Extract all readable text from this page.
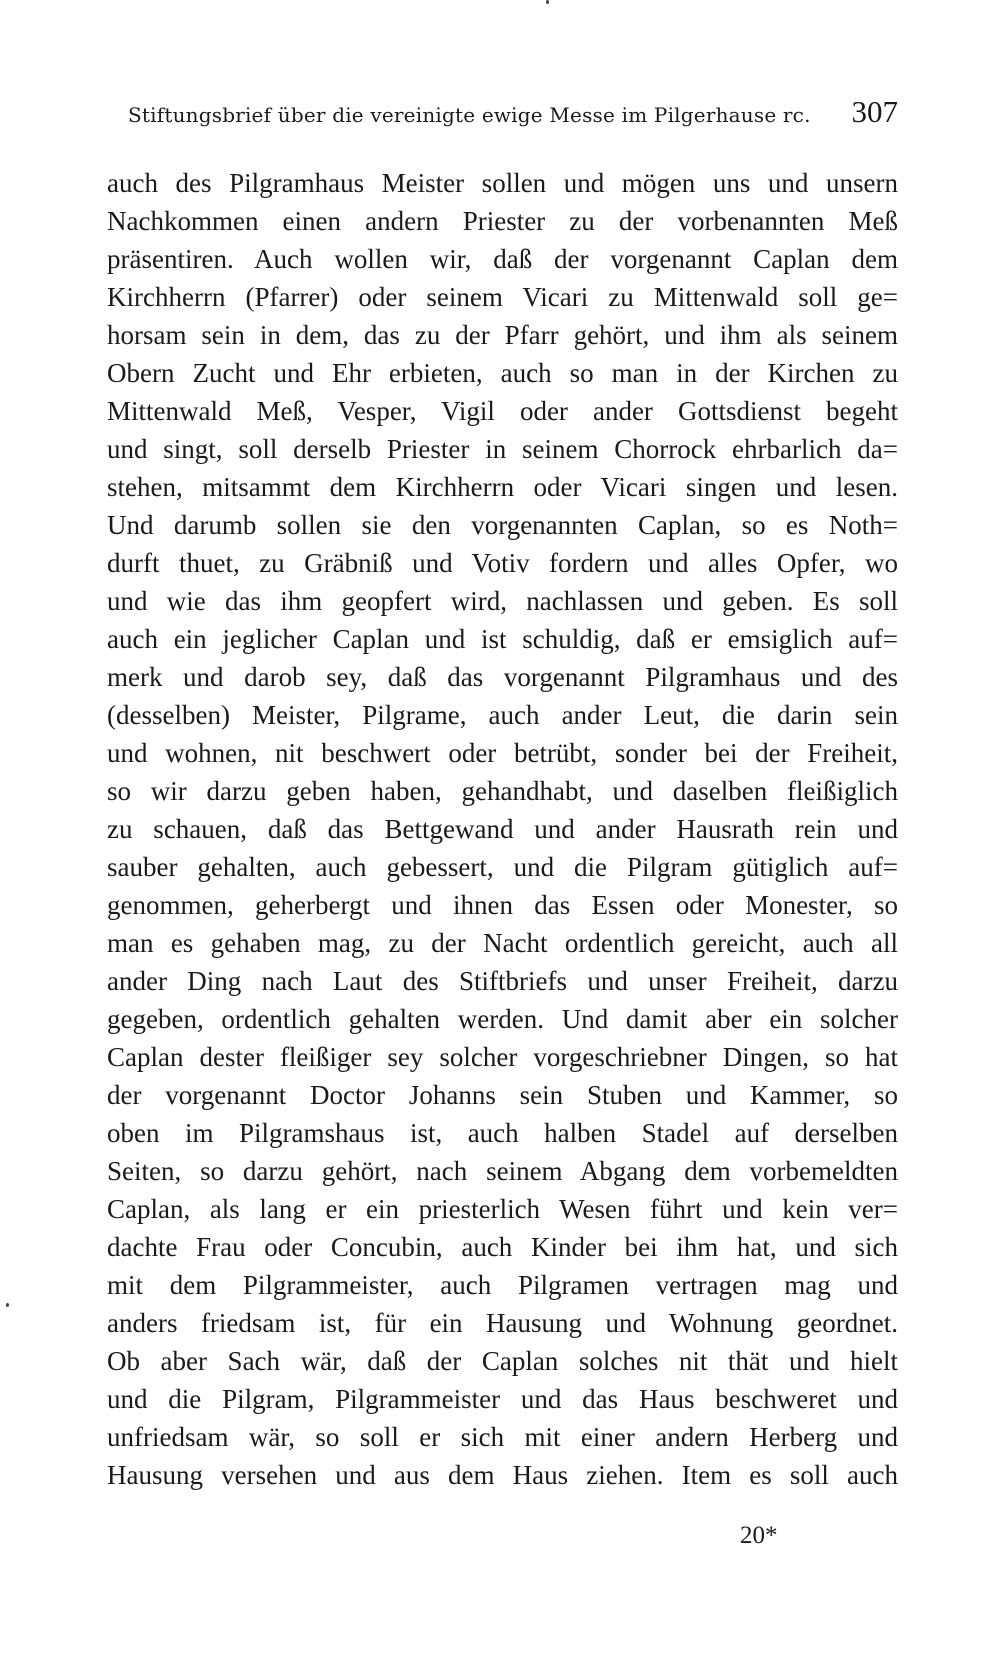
Stiftungsbrief über die vereinigte ewige Messe im Pilgerhause rc. 307
auch des Pilgramhaus Meister sollen und mögen uns und unsern
Nachkommen einen andern Priester zu der vorbenannten Meß
präsentiren. Auch wollen wir, daß der vorgenannt Caplan dem
Kirchherrn (Pfarrer) oder seinem Vicari zu Mittenwald soll ge=
horsam sein in dem, das zu der Pfarr gehört, und ihm als seinem
Obern Zucht und Ehr erbieten, auch so man in der Kirchen zu
Mittenwald Meß, Vesper, Vigil oder ander Gottsdienst begeht
und singt, soll derselb Priester in seinem Chorrock ehrbarlich da=
stehen, mitsammt dem Kirchherrn oder Vicari singen und lesen.
Und darumb sollen sie den vorgenannten Caplan, so es Noth=
durft thuet, zu Gräbniß und Votiv fordern und alles Opfer, wo
und wie das ihm geopfert wird, nachlassen und geben. Es soll
auch ein jeglicher Caplan und ist schuldig, daß er emsiglich auf=
merk und darob sey, daß das vorgenannt Pilgramhaus und des
(desselben) Meister, Pilgrame, auch ander Leut, die darin sein
und wohnen, nit beschwert oder betrübt, sonder bei der Freiheit,
so wir darzu geben haben, gehandhabt, und daselben fleißiglich
zu schauen, daß das Bettgewand und ander Hausrath rein und
sauber gehalten, auch gebessert, und die Pilgram gütiglich auf=
genommen, geherbergt und ihnen das Essen oder Monester, so
man es gehaben mag, zu der Nacht ordentlich gereicht, auch all
ander Ding nach Laut des Stiftbriefs und unser Freiheit, darzu
gegeben, ordentlich gehalten werden. Und damit aber ein solcher
Caplan dester fleißiger sey solcher vorgeschriebner Dingen, so hat
der vorgenannt Doctor Johanns sein Stuben und Kammer, so
oben im Pilgramshaus ist, auch halben Stadel auf derselben
Seiten, so darzu gehört, nach seinem Abgang dem vorbemeldten
Caplan, als lang er ein priesterlich Wesen führt und kein ver=
dachte Frau oder Concubin, auch Kinder bei ihm hat, und sich
mit dem Pilgrammeister, auch Pilgramen vertragen mag und
anders friedsam ist, für ein Hausung und Wohnung geordnet.
Ob aber Sach wär, daß der Caplan solches nit thät und hielt
und die Pilgram, Pilgrammeister und das Haus beschweret und
unfriedsam wär, so soll er sich mit einer andern Herberg und
Hausung versehen und aus dem Haus ziehen. Item es soll auch
20*
